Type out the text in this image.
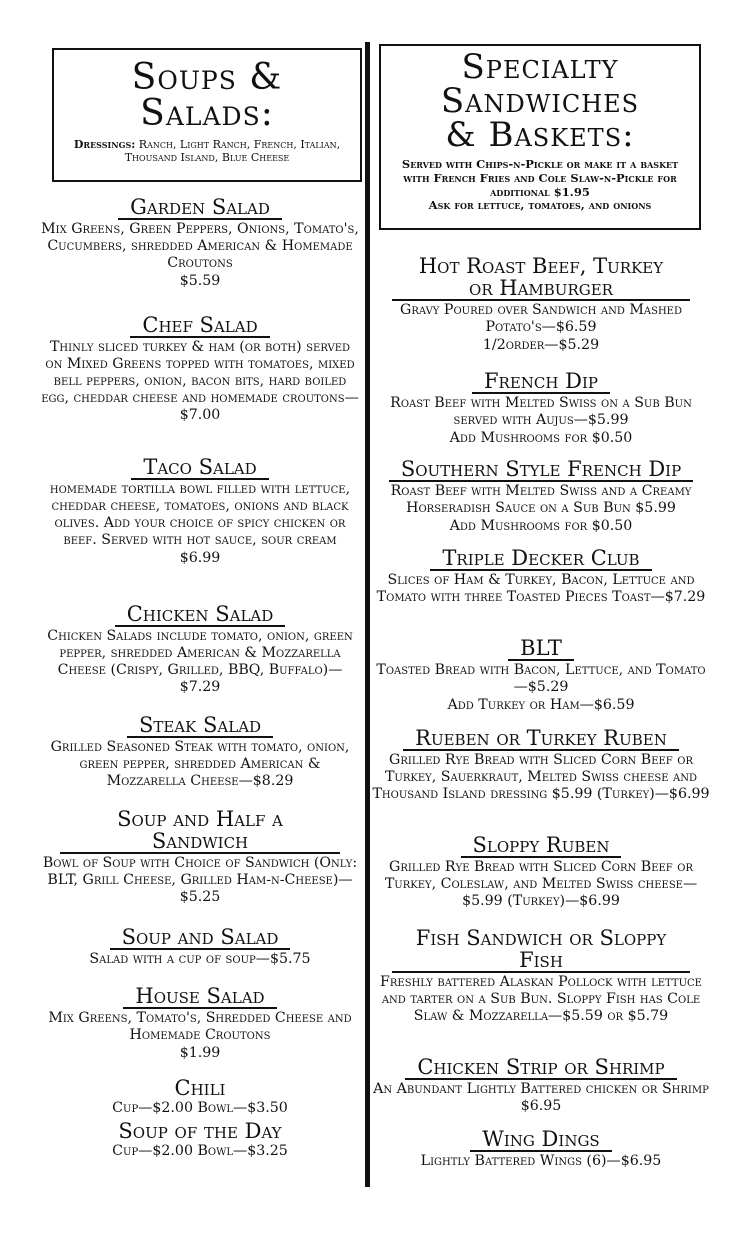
Soups &
Salads:
Dressings: Ranch, Light Ranch, French, Italian, Thousand Island, Blue Cheese
Specialty
Sandwiches
& Baskets:
Served with Chips-n-Pickle or make it a basket with French Fries and Cole Slaw-n-Pickle for additional $1.95
Ask for lettuce, tomatoes, and onions
Garden Salad
Mix Greens, Green Peppers, Onions, Tomato's, Cucumbers, shredded American & Homemade Croutons
$5.59
Chef Salad
Thinly sliced turkey & ham (or both) served on Mixed Greens topped with tomatoes, mixed bell peppers, onion, bacon bits, hard boiled egg, cheddar cheese and homemade croutons—$7.00
Taco Salad
homemade tortilla bowl filled with lettuce, cheddar cheese, tomatoes, onions and black olives. Add your choice of spicy chicken or beef. Served with hot sauce, sour cream
$6.99
Chicken Salad
Chicken Salads include tomato, onion, green pepper, shredded American & Mozzarella Cheese (Crispy, Grilled, BBQ, Buffalo)—$7.29
Steak Salad
Grilled Seasoned Steak with tomato, onion, green pepper, shredded American & Mozzarella Cheese—$8.29
Soup and Half a Sandwich
Bowl of Soup with Choice of Sandwich (Only: BLT, Grill Cheese, Grilled Ham-n-Cheese)—$5.25
Soup and Salad
Salad with a cup of soup—$5.75
House Salad
Mix Greens, Tomato's, Shredded Cheese and Homemade Croutons
$1.99
Chili
Cup—$2.00 Bowl—$3.50
Soup of the Day
Cup—$2.00 Bowl—$3.25
Hot Roast Beef, Turkey or Hamburger
Gravy Poured over Sandwich and Mashed Potato's—$6.59
1/2order—$5.29
French Dip
Roast Beef with Melted Swiss on a Sub Bun served with Aujus—$5.99
Add Mushrooms for $0.50
Southern Style French Dip
Roast Beef with Melted Swiss and a Creamy Horseradish Sauce on a Sub Bun $5.99
Add Mushrooms for $0.50
Triple Decker Club
Slices of Ham & Turkey, Bacon, Lettuce and Tomato with three Toasted Pieces Toast—$7.29
BLT
Toasted Bread with Bacon, Lettuce, and Tomato—$5.29
Add Turkey or Ham—$6.59
Rueben or Turkey Ruben
Grilled Rye Bread with Sliced Corn Beef or Turkey, Sauerkraut, Melted Swiss cheese and Thousand Island dressing $5.99 (Turkey)—$6.99
Sloppy Ruben
Grilled Rye Bread with Sliced Corn Beef or Turkey, Coleslaw, and Melted Swiss cheese—$5.99 (Turkey)—$6.99
Fish Sandwich or Sloppy Fish
Freshly battered Alaskan Pollock with lettuce and tarter on a Sub Bun. Sloppy Fish has Cole Slaw & Mozzarella—$5.59 or $5.79
Chicken Strip or Shrimp
An Abundant Lightly Battered chicken or Shrimp $6.95
Wing Dings
Lightly Battered Wings (6)—$6.95
